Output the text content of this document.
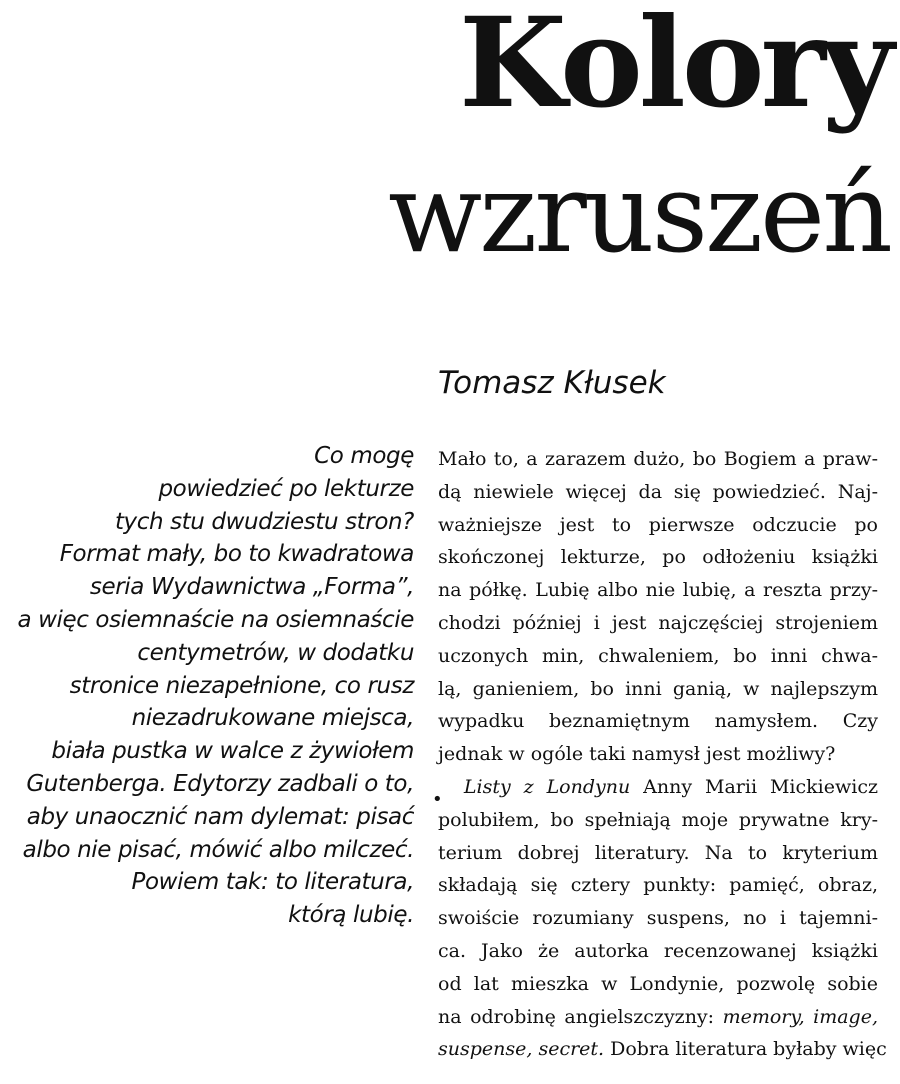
Kolory
wzruszeń
Tomasz Kłusek
Co mogę
powiedzieć po lekturze
tych stu dwudziestu stron?
Format mały, bo to kwadratowa
seria Wydawnictwa „Forma”,
a więc osiemnaście na osiemnaście
centymetrów, w dodatku
stronice niezapełnione, co rusz
niezadrukowane miejsca,
biała pustka w walce z żywiołem
Gutenberga. Edytorzy zadbali o to,
aby unaocznić nam dylemat: pisać
albo nie pisać, mówić albo milczeć.
Powiem tak: to literatura,
którą lubię.
•
Mało to, a zarazem dużo, bo Bogiem a praw-
dą niewiele więcej da się powiedzieć. Naj-
ważniejsze jest to pierwsze odczucie po
skończonej lekturze, po odłożeniu książki
na półkę. Lubię albo nie lubię, a reszta przy-
chodzi później i jest najczęściej strojeniem
uczonych min, chwaleniem, bo inni chwa-
lą, ganieniem, bo inni ganią, w najlepszym
wypadku beznamiętnym namysłem. Czy
jednak w ogóle taki namysł jest możliwy?
Listy z Londynu Anny Marii Mickiewicz
polubiłem, bo spełniają moje prywatne kry-
terium dobrej literatury. Na to kryterium
składają się cztery punkty: pamięć, obraz,
swoiście rozumiany suspens, no i tajemni-
ca. Jako że autorka recenzowanej książki
od lat mieszka w Londynie, pozwolę sobie
na odrobinę angielszczyzny: memory, image,
suspense, secret. Dobra literatura byłaby więc
